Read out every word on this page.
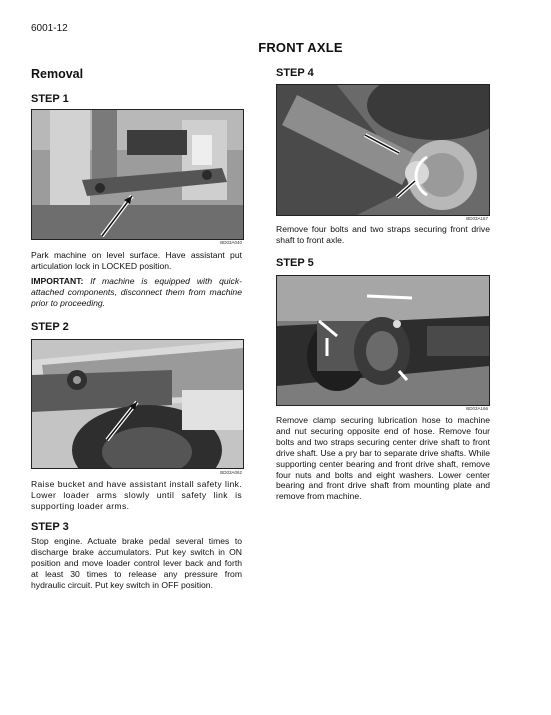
6001-12
FRONT AXLE
Removal
STEP 1
BD03A040
Park machine on level surface. Have assistant put articulation lock in LOCKED position.
IMPORTANT: If machine is equipped with quick-attached components, disconnect them from machine prior to proceeding.
STEP 2
BD03A062
Raise bucket and have assistant install safety link. Lower loader arms slowly until safety link is supporting loader arms.
STEP 3
Stop engine. Actuate brake pedal several times to discharge brake accumulators. Put key switch in ON position and move loader control lever back and forth at least 30 times to release any pressure from hydraulic circuit. Put key switch in OFF position.
STEP 4
BD03A167
Remove four bolts and two straps securing front drive shaft to front axle.
STEP 5
BD03A166
Remove clamp securing lubrication hose to machine and nut securing opposite end of hose. Remove four bolts and two straps securing center drive shaft to front drive shaft. Use a pry bar to separate drive shafts. While supporting center bearing and front drive shaft, remove four nuts and bolts and eight washers. Lower center bearing and front drive shaft from mounting plate and remove from machine.
